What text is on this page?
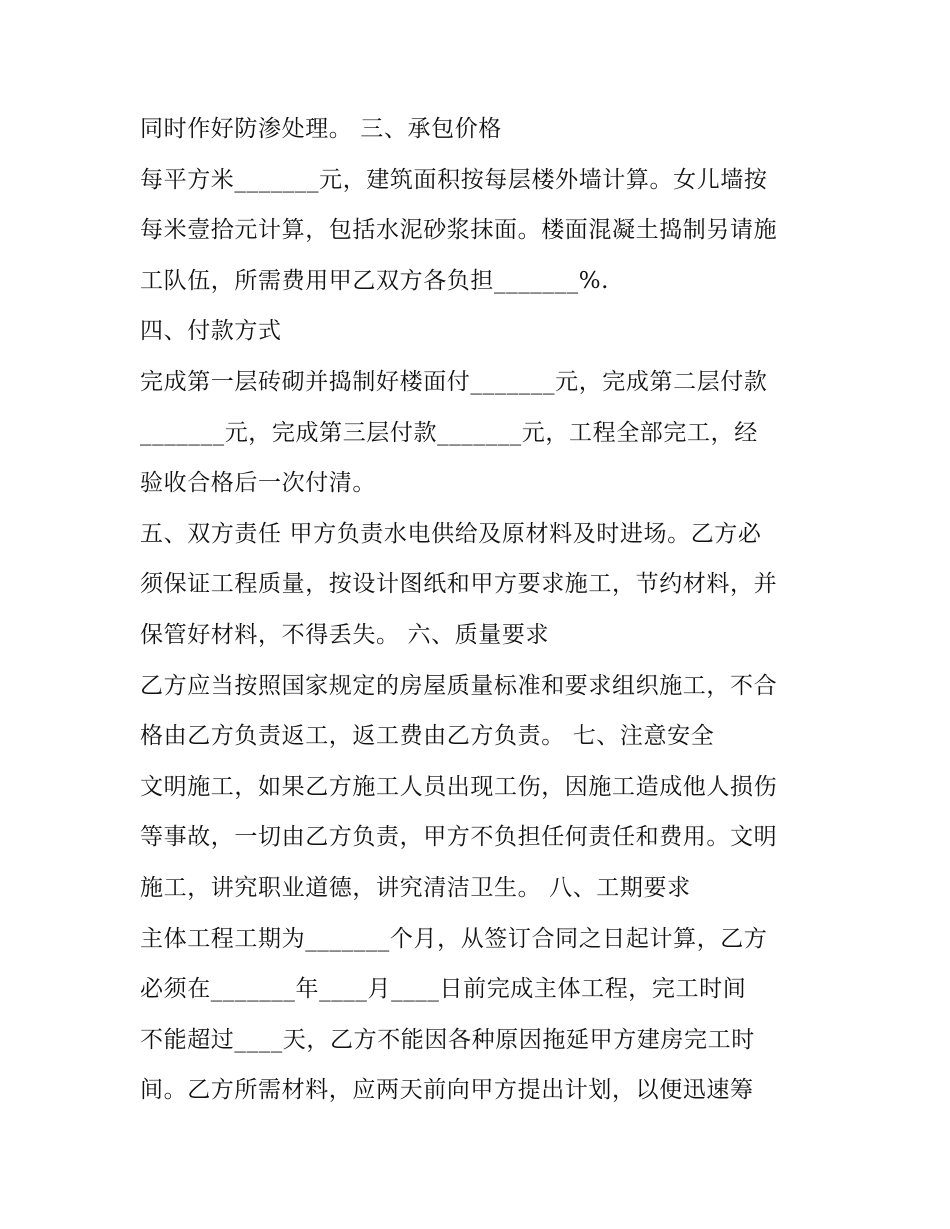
同时作好防渗处理。 三、承包价格
每平方米_______元，建筑面积按每层楼外墙计算。女儿墙按
每米壹拾元计算，包括水泥砂浆抹面。楼面混凝土捣制另请施
工队伍，所需费用甲乙双方各负担_______%.
四、付款方式
完成第一层砖砌并捣制好楼面付_______元，完成第二层付款
_______元，完成第三层付款_______元，工程全部完工，经
验收合格后一次付清。
五、双方责任 甲方负责水电供给及原材料及时进场。乙方必
须保证工程质量，按设计图纸和甲方要求施工，节约材料，并
保管好材料，不得丢失。 六、质量要求
乙方应当按照国家规定的房屋质量标准和要求组织施工，不合
格由乙方负责返工，返工费由乙方负责。 七、注意安全
文明施工，如果乙方施工人员出现工伤，因施工造成他人损伤
等事故，一切由乙方负责，甲方不负担任何责任和费用。文明
施工，讲究职业道德，讲究清洁卫生。 八、工期要求
主体工程工期为_______个月，从签订合同之日起计算，乙方
必须在_______年____月____日前完成主体工程，完工时间
不能超过____天，乙方不能因各种原因拖延甲方建房完工时
间。乙方所需材料，应两天前向甲方提出计划，以便迅速筹
